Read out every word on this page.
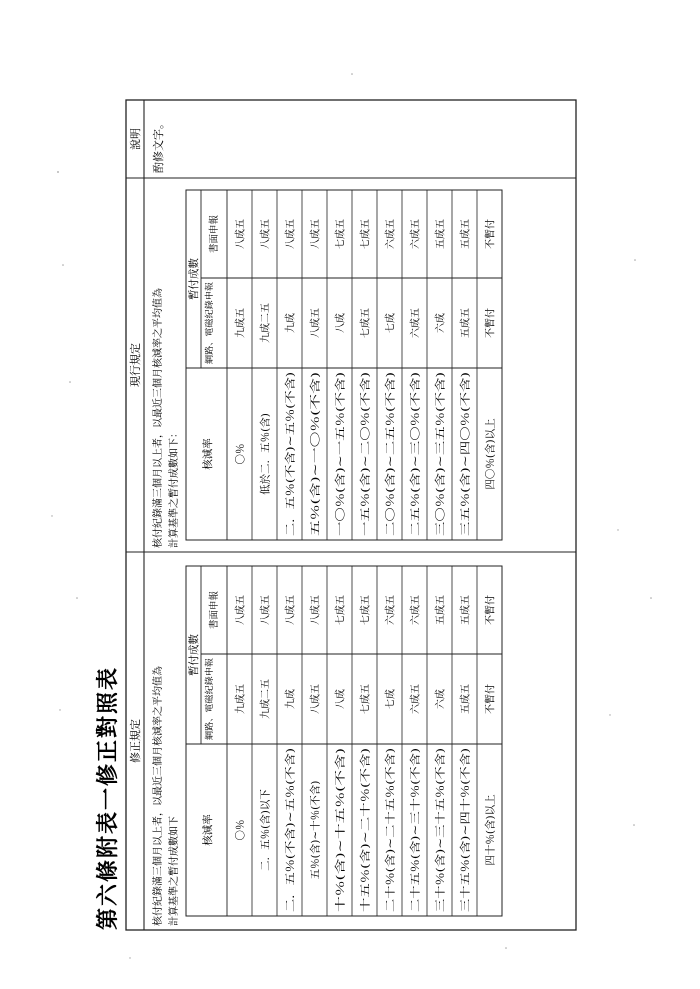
第六條附表一修正對照表 修正規定
現行規定
說明 酌修文字。
核付紀錄滿三個月以上者，以最近三個月核減率之平均值為 計算基準之暫付成數如下 核減率
暫付成數
網路、電磁紀錄申報
書面申報
〇％
九成五
八成五
二．五％(含)以下
九成二五
八成五
二．五％(不含)~五％(不含)
九成
八成五
五％(含)~十％(不含)
八成五
八成五
十％(含)~十五％(不含)
八成
七成五
十五％(含)~二十％(不含)
七成五
七成五
二十％(含)~二十五％(不含)
七成
六成五
二十五％(含)~三十％(不含)
六成五
六成五
三十％(含)~三十五％(不含)
六成
五成五
三十五％(含)~四十％(不含)
五成五
五成五
四十％(含)以上
不暫付
不暫付
核付紀錄滿三個月以上者，以最近三個月核減率之平均值為 計算基準之暫付成數如下： 核減率
暫付成數
網路、電磁紀錄申報
書面申報
〇％
九成五
八成五
低於二．五％(含)
九成二五
八成五
二．五％(不含)~五％(不含)
九成
八成五
五％(含)~一〇％(不含)
八成五
八成五
一〇％(含)~一五％(不含)
八成
七成五
一五％(含)~二〇％(不含)
七成五
七成五
二〇％(含)~二五％(不含)
七成
六成五
二五％(含)~三〇％(不含)
六成五
六成五
三〇％(含)~三五％(不含)
六成
五成五
三五％(含)~四〇％(不含)
五成五
五成五
四〇％(含)以上
不暫付
不暫付
